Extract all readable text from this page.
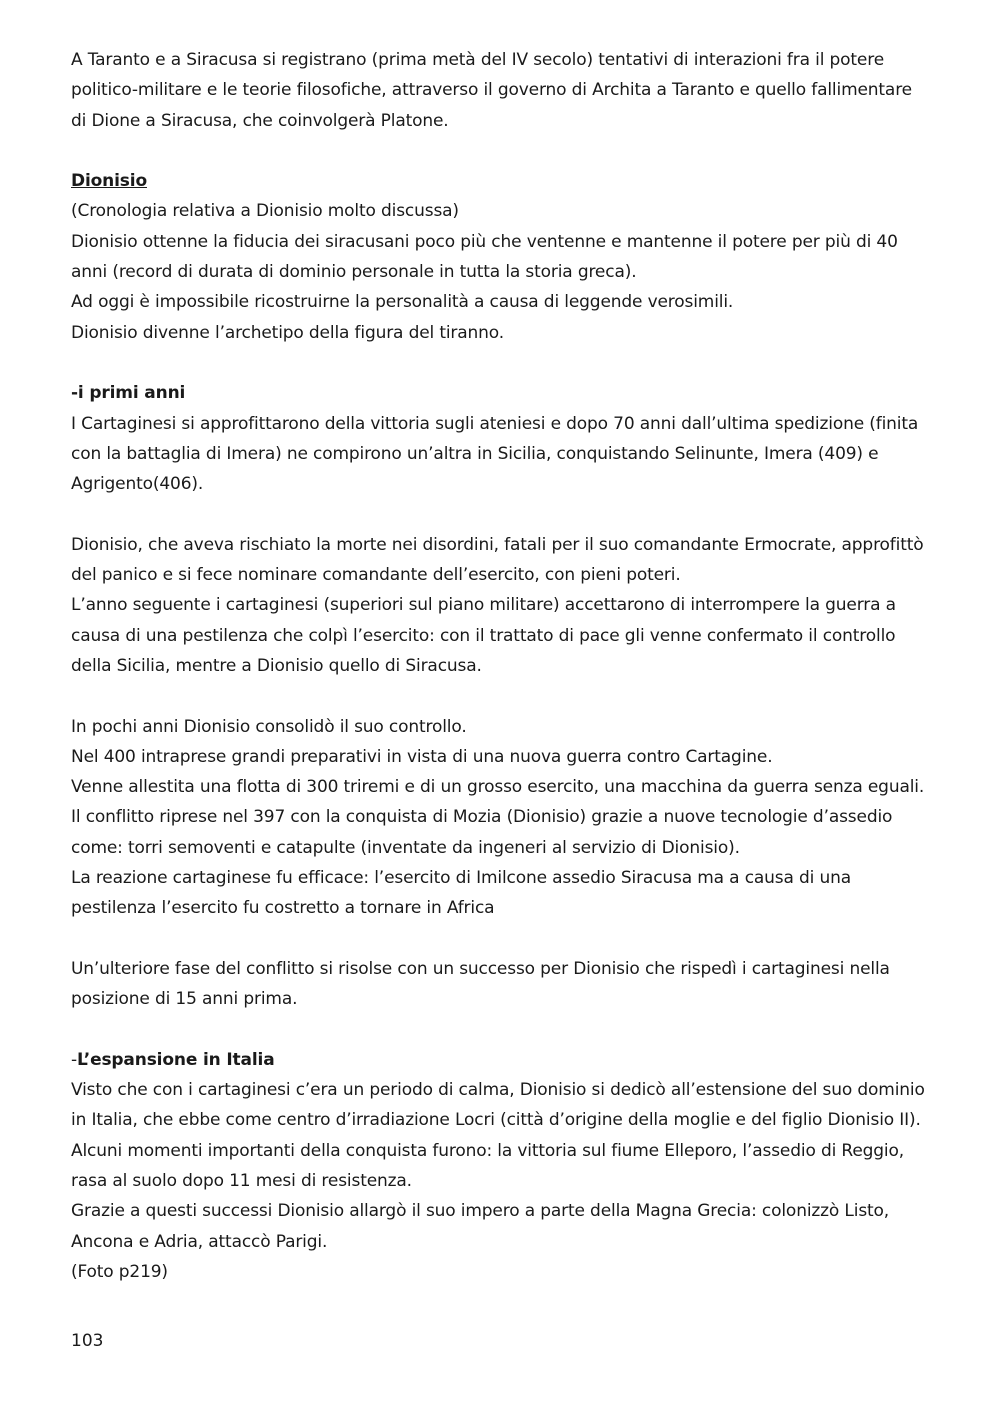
A Taranto e a Siracusa si registrano (prima metà del IV secolo) tentativi di interazioni fra il potere
politico-militare e le teorie filosofiche, attraverso il governo di Archita a Taranto e quello fallimentare
di Dione a Siracusa, che coinvolgerà Platone.
Dionisio
(Cronologia relativa a Dionisio molto discussa)
Dionisio ottenne la fiducia dei siracusani poco più che ventenne e mantenne il potere per più di 40
anni (record di durata di dominio personale in tutta la storia greca).
Ad oggi è impossibile ricostruirne la personalità a causa di leggende verosimili.
Dionisio divenne l’archetipo della figura del tiranno.
-i primi anni
I Cartaginesi si approfittarono della vittoria sugli ateniesi e dopo 70 anni dall’ultima spedizione (finita
con la battaglia di Imera) ne compirono un’altra in Sicilia, conquistando Selinunte, Imera (409) e
Agrigento(406).
Dionisio, che aveva rischiato la morte nei disordini, fatali per il suo comandante Ermocrate, approfittò
del panico e si fece nominare comandante dell’esercito, con pieni poteri.
L’anno seguente i cartaginesi (superiori sul piano militare) accettarono di interrompere la guerra a
causa di una pestilenza che colpì l’esercito: con il trattato di pace gli venne confermato il controllo
della Sicilia, mentre a Dionisio quello di Siracusa.
In pochi anni Dionisio consolidò il suo controllo.
Nel 400 intraprese grandi preparativi in vista di una nuova guerra contro Cartagine.
Venne allestita una flotta di 300 triremi e di un grosso esercito, una macchina da guerra senza eguali.
Il conflitto riprese nel 397 con la conquista di Mozia (Dionisio) grazie a nuove tecnologie d’assedio
come: torri semoventi e catapulte (inventate da ingeneri al servizio di Dionisio).
La reazione cartaginese fu efficace: l’esercito di Imilcone assedio Siracusa ma a causa di una
pestilenza l’esercito fu costretto a tornare in Africa
Un’ulteriore fase del conflitto si risolse con un successo per Dionisio che rispedì i cartaginesi nella
posizione di 15 anni prima.
-L’espansione in Italia
Visto che con i cartaginesi c’era un periodo di calma, Dionisio si dedicò all’estensione del suo dominio
in Italia, che ebbe come centro d’irradiazione Locri (città d’origine della moglie e del figlio Dionisio II).
Alcuni momenti importanti della conquista furono: la vittoria sul fiume Elleporo, l’assedio di Reggio,
rasa al suolo dopo 11 mesi di resistenza.
Grazie a questi successi Dionisio allargò il suo impero a parte della Magna Grecia: colonizzò Listo,
Ancona e Adria, attaccò Parigi.
(Foto p219)
103
